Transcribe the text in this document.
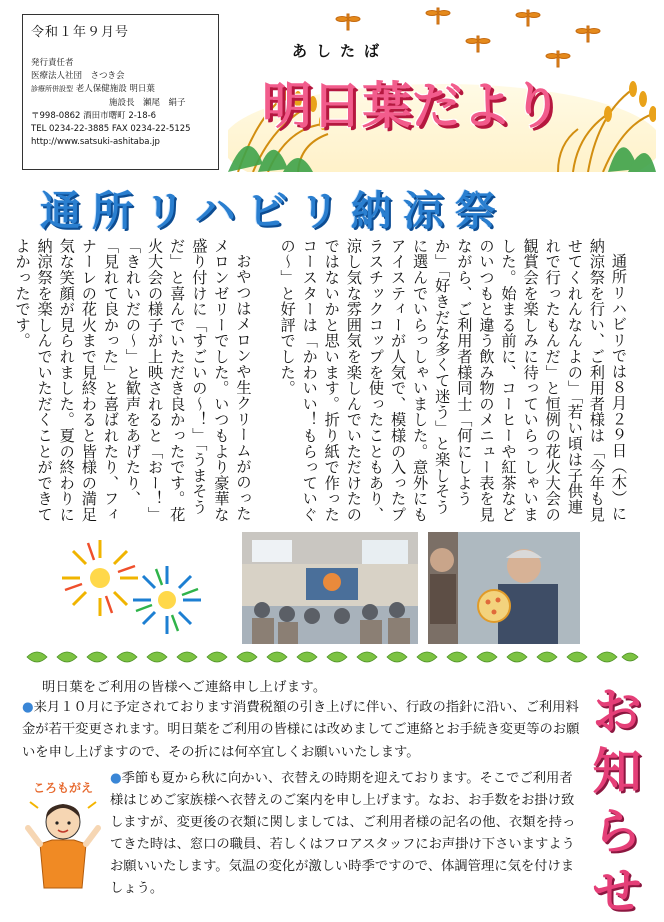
令和１年９月号
発行責任者
医療法人社団　さつき会
診療所併設型 老人保健施設 明日葉
施設長　瀬尾　絹子
〒998-0862 酒田市曙町 2-18-6
TEL 0234-22-3885 FAX 0234-22-5125
http://www.satsuki-ashitaba.jp
あしたば
明日葉だより
通所リハビリ納涼祭

通所リハビリでは８月２９日（木）に納涼祭を行い、ご利用者様は「今年も見せてくれんなんよの」「若い頃は子供連れで行ったもんだ」と恒例の花火大会の観賞会を楽しみに待っていらっしゃいました。始まる前に、コーヒーや紅茶などのいつもと違う飲み物のメニュー表を見ながら、ご利用者様同士「何にしようか」「好きだな多くて迷う」と楽しそうに選んでいらっしゃいました。意外にもアイスティーが人気で、模様の入ったプラスチックコップを使ったこともあり、涼し気な雰囲気を楽しんでいただけたのではないかと思います。折り紙で作ったコースターは「かわいい！もらっていぐの～」と好評でした。

おやつはメロンや生クリームがのったメロンゼリーでした。いつもより豪華な盛り付けに「すごいの～！」「うまそうだ」と喜んでいただき良かったです。花火大会の様子が上映されると「おー！」「きれいだの～」と歓声をあげたり、「見れて良かった」と喜ばれたり、フィナーレの花火まで見終わると皆様の満足気な笑顔が見られました。夏の終わりに納涼祭を楽しんでいただくことができてよかったです。

明日葉をご利用の皆様へご連絡申し上げます。
●来月１０月に予定されております消費税額の引き上げに伴い、行政の指針に沿い、ご利用料金が若干変更されます。明日葉をご利用の皆様には改めましてご連絡とお手続き変更等のお願いを申し上げますので、その折には何卒宜しくお願いいたします。
●季節も夏から秋に向かい、衣替えの時期を迎えております。そこでご利用者様はじめご家族様へ衣替えのご案内を申し上げます。なお、お手数をお掛け致しますが、変更後の衣類に関しましては、ご利用者様の記名の他、衣類を持ってきた時は、窓口の職員、若しくはフロアスタッフにお声掛け下さいますようお願いいたします。気温の変化が激しい時季ですので、体調管理に気を付けましょう。
お
知
ら
せ
ころもがえ
